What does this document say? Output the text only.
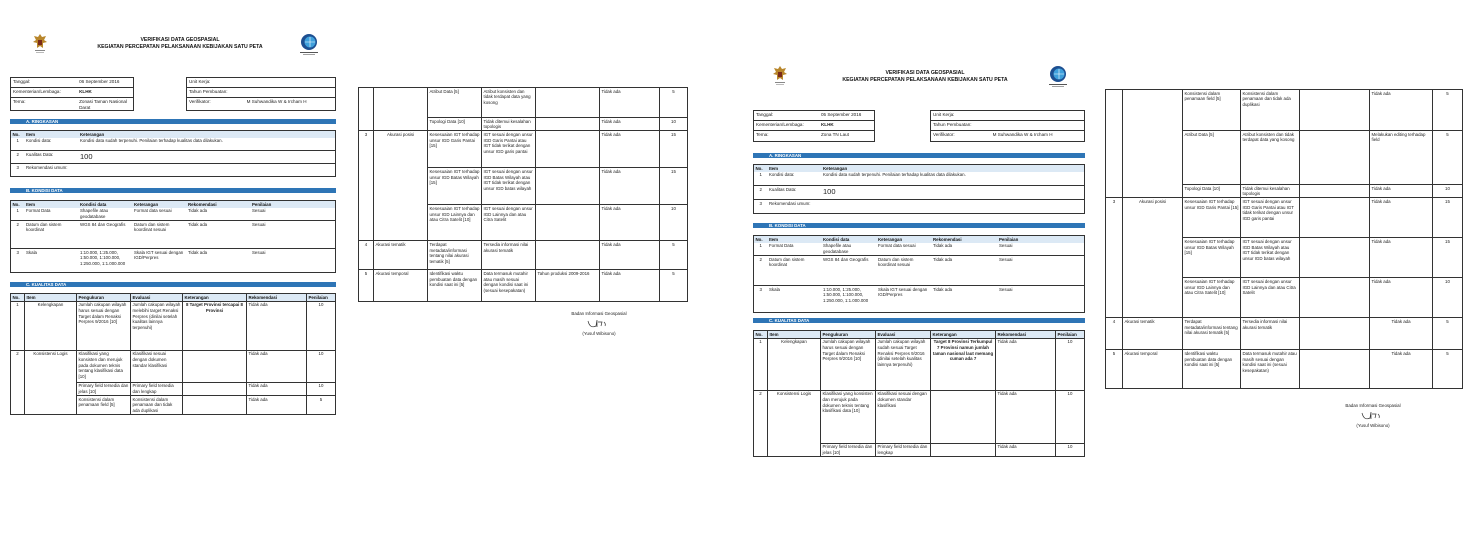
VERIFIKASI DATA GEOSPASIAL
KEGIATAN PERCEPATAN PELAKSANAAN KEBIJAKAN SATU PETA
Tanggal:	06 September 2016
Kementerian/Lembaga:	KLHK
Tema:	Zonasi Taman Nasional Darat
Unit Kerja:
Tahun Pembuatan:
Verifikator:	M Suhwandika W & Ircham H
A. RINGKASAN
No.	Item	Keterangan
1	Kondisi data:	Kondisi data sudah terpenuhi. Penilaian terhadap kualitas data dilakukan.
2	Kualitas Data:	100
3	Rekomendasi umum:	
B. KONDISI DATA
No.	Item	Kondisi data	Keterangan	Rekomendasi	Penilaian
1	Format Data	Shapefile atau geodatabase	Format data sesuai	Tidak ada	Sesuai
2	Datum dan sistem koordinat	WGS 84 dan Geografis	Datum dan sistem koordinat sesuai	Tidak ada	Sesuai
3	Skala	1:10.000, 1:25.000, 1:50.000, 1:100.000, 1:250.000, 1:1.000.000	Skala IGT sesuai dengan IGD/Perpres	Tidak ada	Sesuai
C. KUALITAS DATA
No.	Item	Pengukuran	Evaluasi	Keterangan	Rekomendasi	Penilaian
1	Kelengkapan	Jumlah cakupan wilayah harus sesuai dengan Target dalam Renaksi Perpres 9/2016 [10]	Jumlah cakupan wilayah melebihi target Renaksi Perpres (dinilai setelah kualitas lainnya terpenuhi)	8 Target Provinsi tercapai 8 Provinsi	Tidak ada	10
2	Konsistensi Logis	Klasifikasi yang konsisten dan merujuk pada dokumen teknis tentang klasifikasi data [10]	Klasifikasi sesuai dengan dokumen standar klasifikasi		Tidak ada	10
		Primary field tersedia dan jelas [10]	Primary field tersedia dan lengkap		Tidak ada	10
		Konsistensi dalam penamaan field [5]	Konsistensi dalam penamaan dan tidak ada duplikasi		Tidak ada	5
		Atribut Data [5]	Atribut konsisten dan tidak terdapat data yang kosong		Tidak ada	5
		Topologi Data [10]	Tidak ditemui kesalahan topologis		Tidak ada	10
3	Akurasi posisi	Kesesuaian IGT terhadap unsur IGD Garis Pantai [15]	IGT sesuai dengan unsur IGD Garis Pantai atau IGT tidak terikat dengan unsur IGD garis pantai		Tidak ada	15
		Kesesuaian IGT terhadap unsur IGD Batas Wilayah [15]	IGT sesuai dengan unsur IGD Batas Wilayah atau IGT tidak terikat dengan unsur IGD batas wilayah		Tidak ada	15
		Kesesuaian IGT terhadap unsur IGD Lainnya dan atau Citra Satelit [10]	IGT sesuai dengan unsur IGD Lainnya dan atau Citra Satelit		Tidak ada	10
4	Akurasi tematik	Terdapat metadata/informasi tentang nilai akurasi tematik [5]	Tersedia informasi nilai akurasi tematik		Tidak ada	5
5	Akurasi temporal	Identifikasi waktu pembuatan data dengan kondisi saat ini [5]	Data termasuk mutahir atau masih sesuai dengan kondisi saat ini (sesuai kesepakatan)	Tahun produksi 2009-2016	Tidak ada	5
Badan Informasi Geospasial
(Yusuf Wibisono)
VERIFIKASI DATA GEOSPASIAL
KEGIATAN PERCEPATAN PELAKSANAAN KEBIJAKAN SATU PETA
Tanggal:	05 September 2016
Kementerian/Lembaga:	KLHK
Tema:	Zona TN Laut
Unit Kerja:
Tahun Pembuatan:
Verifikator:	M Suhwandika W & Ircham H
A. RINGKASAN
No.	Item	Keterangan
1	Kondisi data:	Kondisi data sudah terpenuhi. Penilaian terhadap kualitas data dilakukan.
2	Kualitas Data:	100
3	Rekomendasi umum:	
B. KONDISI DATA
No.	Item	Kondisi data	Keterangan	Rekomendasi	Penilaian
1	Format Data	Shapefile atau geodatabase	Format data sesuai	Tidak ada	Sesuai
2	Datum dan sistem koordinat	WGS 84 dan Geografis	Datum dan sistem koordinat sesuai	Tidak ada	Sesuai
3	Skala	1:10.000, 1:25.000, 1:50.000, 1:100.000, 1:250.000, 1:1.000.000	Skala IGT sesuai dengan IGD/Perpres	Tidak ada	Sesuai
C. KUALITAS DATA
No.	Item	Pengukuran	Evaluasi	Keterangan	Rekomendasi	Penilaian
1	Kelengkapan	Jumlah cakupan wilayah harus sesuai dengan Target dalam Renaksi Perpres 9/2016 [10]	Jumlah cakupan wilayah sudah sesuai Target Renaksi Perpres 9/2016 (dinilai setelah kualitas lainnya terpenuhi)	Target 8 Provinsi Terkumpul 7 Provinsi namun jumlah taman nasional laut memang cuman ada 7	Tidak ada	10
2	Konsistensi Logis	Klasifikasi yang konsisten dan merujuk pada dokumen teknis tentang klasifikasi data [10]	Klasifikasi sesuai dengan dokumen standar klasifikasi		Tidak ada	10
		Primary field tersedia dan jelas [10]	Primary field tersedia dan lengkap		Tidak ada	10
		Konsistensi dalam penamaan field [5]	Konsistensi dalam penamaan dan tidak ada duplikasi		Tidak ada	5
		Atribut Data [5]	Atribut konsisten dan tidak terdapat data yang kosong		Melakukan editing terhadap field	5
		Topologi Data [10]	Tidak ditemui kesalahan topologis		Tidak ada	10
3	Akurasi posisi	Kesesuaian IGT terhadap unsur IGD Garis Pantai [15]	IGT sesuai dengan unsur IGD Garis Pantai atau IGT tidak terikat dengan unsur IGD garis pantai		Tidak ada	15
		Kesesuaian IGT terhadap unsur IGD Batas Wilayah [15]	IGT sesuai dengan unsur IGD Batas Wilayah atau IGT tidak terikat dengan unsur IGD batas wilayah		Tidak ada	15
		Kesesuaian IGT terhadap unsur IGD Lainnya dan atau Citra Satelit [10]	IGT sesuai dengan unsur IGD Lainnya dan atau Citra Satelit		Tidak ada	10
4	Akurasi tematik	Terdapat metadata/informasi tentang nilai akurasi tematik [5]	Tersedia informasi nilai akurasi tematik		Tidak ada	5
5	Akurasi temporal	Identifikasi waktu pembuatan data dengan kondisi saat ini [5]	Data termasuk mutahir atau masih sesuai dengan kondisi saat ini (sesuai kesepakatan)		Tidak ada	5
Badan Informasi Geospasial
(Yusuf Wibisono)
